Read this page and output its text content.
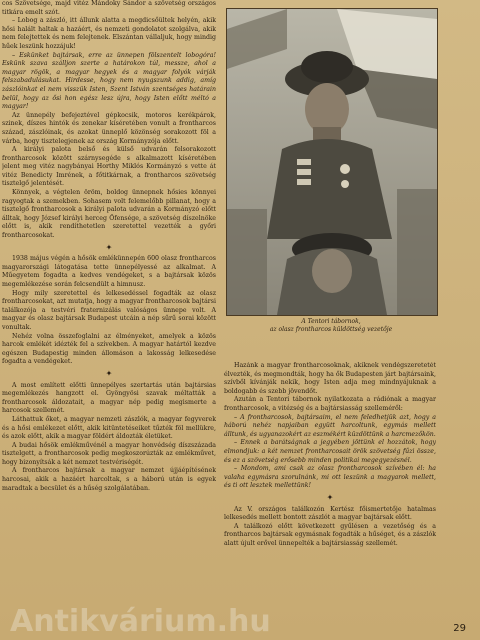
cos Szövetsége, majd vitéz Mándoky Sándor a szövetség országos titkára emelt szót.

– Lobog a zászló, itt állunk alatta a megdicsőültek helyén, akik hősi halált haltak a hazáért, és nemzeti gondolatot szolgálva, akik nem felejtettek és nem felejtenek. Elszántan vállaljuk, hogy mindig hűek leszünk hozzájuk!

– Eskünket bajtársak, erre az ünnepen fölszentelt lobogóra! Eskünk szava szálljon szerte a határokon túl, messze, ahol a magyar rögök, a magyar hegyek és a magyar folyók várják felszabadulásukat. Hirdesse, hogy nem nyugszunk addig, amíg zászlóinkat el nem visszük Isten, Szent István szentséges határain belül, hogy az ősi hon egész lesz újra, hogy Isten előtt méltó a magyar!

Az ünnepély befejeztével gépkocsik, motoros kerékpárok, szinek, díszes hintók és zenekar kíséretében vonult a frontharcos század, zászlóinak, és azokat ünneplő közönség sorakozott föl a várba, hogy tisztelegjenek az ország Kormányzója előtt.

A királyi palota belső és külső udvarán felsorakozott frontharcosok között szárnysegéde s alkalmazott kíséretében jelent meg vitéz nagybányai Horthy Miklós Kormányzó s vette át vitéz Benedicty Imrének, a főtitkárnak, a frontharcos szövetség tisztelgő jelentését.

Könnyek, a végtelen öröm, boldog ünnepnek hősies könnyei ragyogtak a szemekben. Sohasem volt felemelőbb pillanat, hogy a tisztelgő frontharcosok a királyi palota udvarán a Kormányzó előtt álltak, hogy József királyi herceg Őfensége, a szövetség díszelnöke előtt is, akik rendíthetetlen szeretettel vezették a győri frontharcosokat.

✦

1938 május végén a hősök emlékünnepén 600 olasz frontharcos magyarországi látogatása tette ünnepélyessé az alkalmat. A Műegyetem fogadta a kedves vendégeket, s a bajtársak közös megemlékezése során felcsendült a himnusz.

Hogy mily szeretettel és lelkesedéssel fogadták az olasz frontharcosokat, azt mutatja, hogy a magyar frontharcosok bajtársi találkozója a testvéri fraternizálás valóságos ünnepe volt. A magyar és olasz bajtársak Budapest utcáin a nép sűrű sorai között vonultak.

Nehéz volna összefoglalni az élményeket, amelyek a közös harcok emlékét idézték fel a szívekben. A magyar határtól kezdve egészen Budapestig minden állomáson a lakosság lelkesedése fogadta a vendégeket.

✦

A most említett előtti ünnepélyes szertartás után bajtársias megemlékezés hangzott el. Gyöngyösi szavak méltatták a frontharcosok áldozatait, a magyar nép pedig megismerte a harcosok szellemét.

Láthattuk őket, a magyar nemzeti zászlók, a magyar fegyverek és a hősi emlékezet előtt, akik kitüntetéseiket tűzték föl mellükre, és azok előtt, akik a magyar földért áldozták életüket.

A budai hősök emlékművénél a magyar honvédség díszszázada tisztelgett, a frontharcosok pedig megkoszorúzták az emlékművet, hogy bizonyítsák a két nemzet testvériségét.

A frontharcos bajtársak a magyar nemzet újjáépítésének harcosai, akik a hazáért harcoltak, s a háború után is egyek maradtak a becsület és a hűség szolgálatában.

A Tentori tábornok,
az olasz frontharcos küldöttség vezetője

Hazánk a magyar frontharcosoknak, akiknek vendégszeretetét élvezték, és megmondták, hogy ha ők Budapesten járt bajtársaink, szívből kívánják nekik, hogy Isten adja meg mindnyájuknak a boldogabb és szebb jövendőt.

Azután a Tentori tábornok nyilatkozata a rádiónak a magyar frontharcosok, a vitézség és a bajtársiasság szelleméről:

– A frontharcosok, bajtársaim, el nem feledhetjük azt, hogy a háború nehéz napjaiban együtt harcoltunk, egymás mellett álltunk, és ugyanazokért az eszmékért küzdöttünk a harcmezőkön.

– Ennek a barátságnak a jegyében jöttünk el hozzátok, hogy elmondjuk: a két nemzet frontharcosait örök szövetség fűzi össze, és ez a szövetség erősebb minden politikai megegyezésnél.

– Mondom, ami csak az olasz frontharcosok szívében él: ha valaha egymásra szorulnánk, mi ott leszünk a magyarok mellett, és ti ott lesztek mellettünk!

✦

Az V. országos találkozón Kertész főismertetője hatalmas lelkesedés mellett bontott zászlót a magyar bajtársak előtt.

A találkozó előtt következett gyűlésen a vezetőség és a frontharcos bajtársak egymásnak fogadták a hűséget, és a zászlók alatt újult erővel ünnepelték a bajtársiasság szellemét.

Antikvárium.hu	29
